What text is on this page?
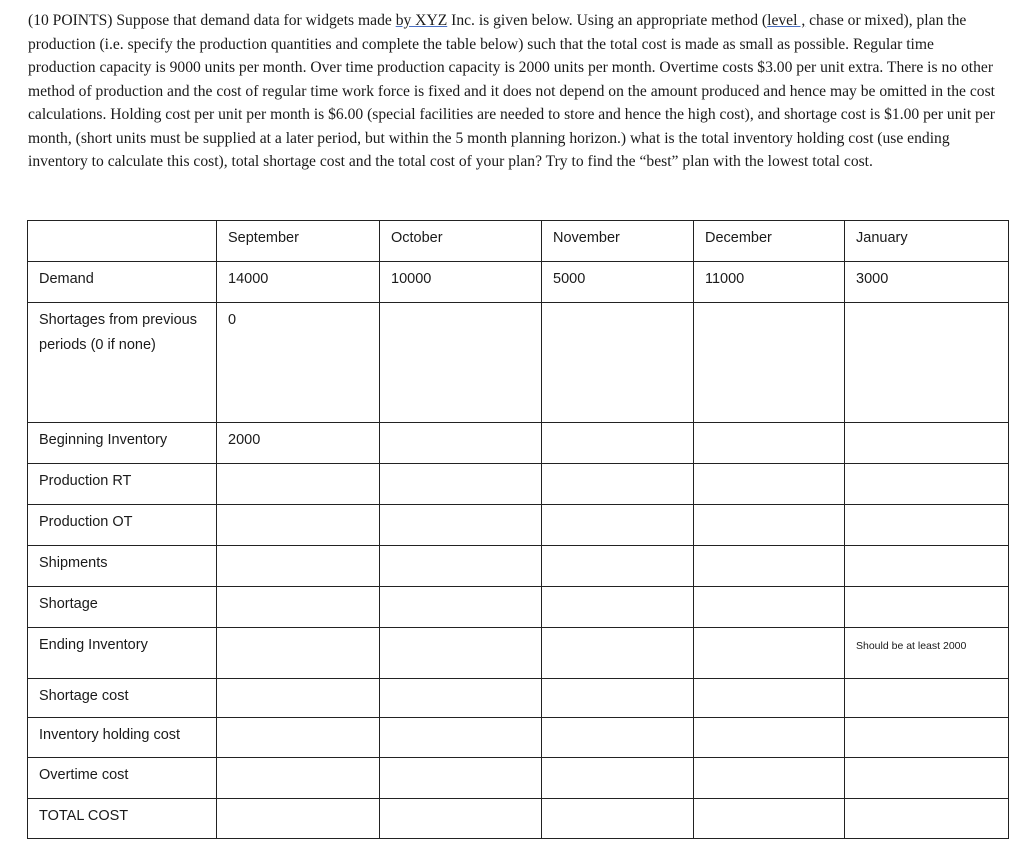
(10 POINTS) Suppose that demand data for widgets made by XYZ Inc. is given below. Using an appropriate method (level , chase or mixed), plan the production (i.e. specify the production quantities and complete the table below) such that the total cost is made as small as possible. Regular time production capacity is 9000 units per month. Over time production capacity is 2000 units per month. Overtime costs $3.00 per unit extra. There is no other method of production and the cost of regular time work force is fixed and it does not depend on the amount produced and hence may be omitted in the cost calculations. Holding cost per unit per month is $6.00 (special facilities are needed to store and hence the high cost), and shortage cost is $1.00 per unit per month, (short units must be supplied at a later period, but within the 5 month planning horizon.) what is the total inventory holding cost (use ending inventory to calculate this cost), total shortage cost and the total cost of your plan? Try to find the “best” plan with the lowest total cost.

	September	October	November	December	January
Demand	14000	10000	5000	11000	3000
Shortages from previous periods (0 if none)	0				
Beginning Inventory	2000				
Production RT					
Production OT					
Shipments					
Shortage					
Ending Inventory					Should be at least 2000
Shortage cost					
Inventory holding cost					
Overtime cost					
TOTAL COST					
